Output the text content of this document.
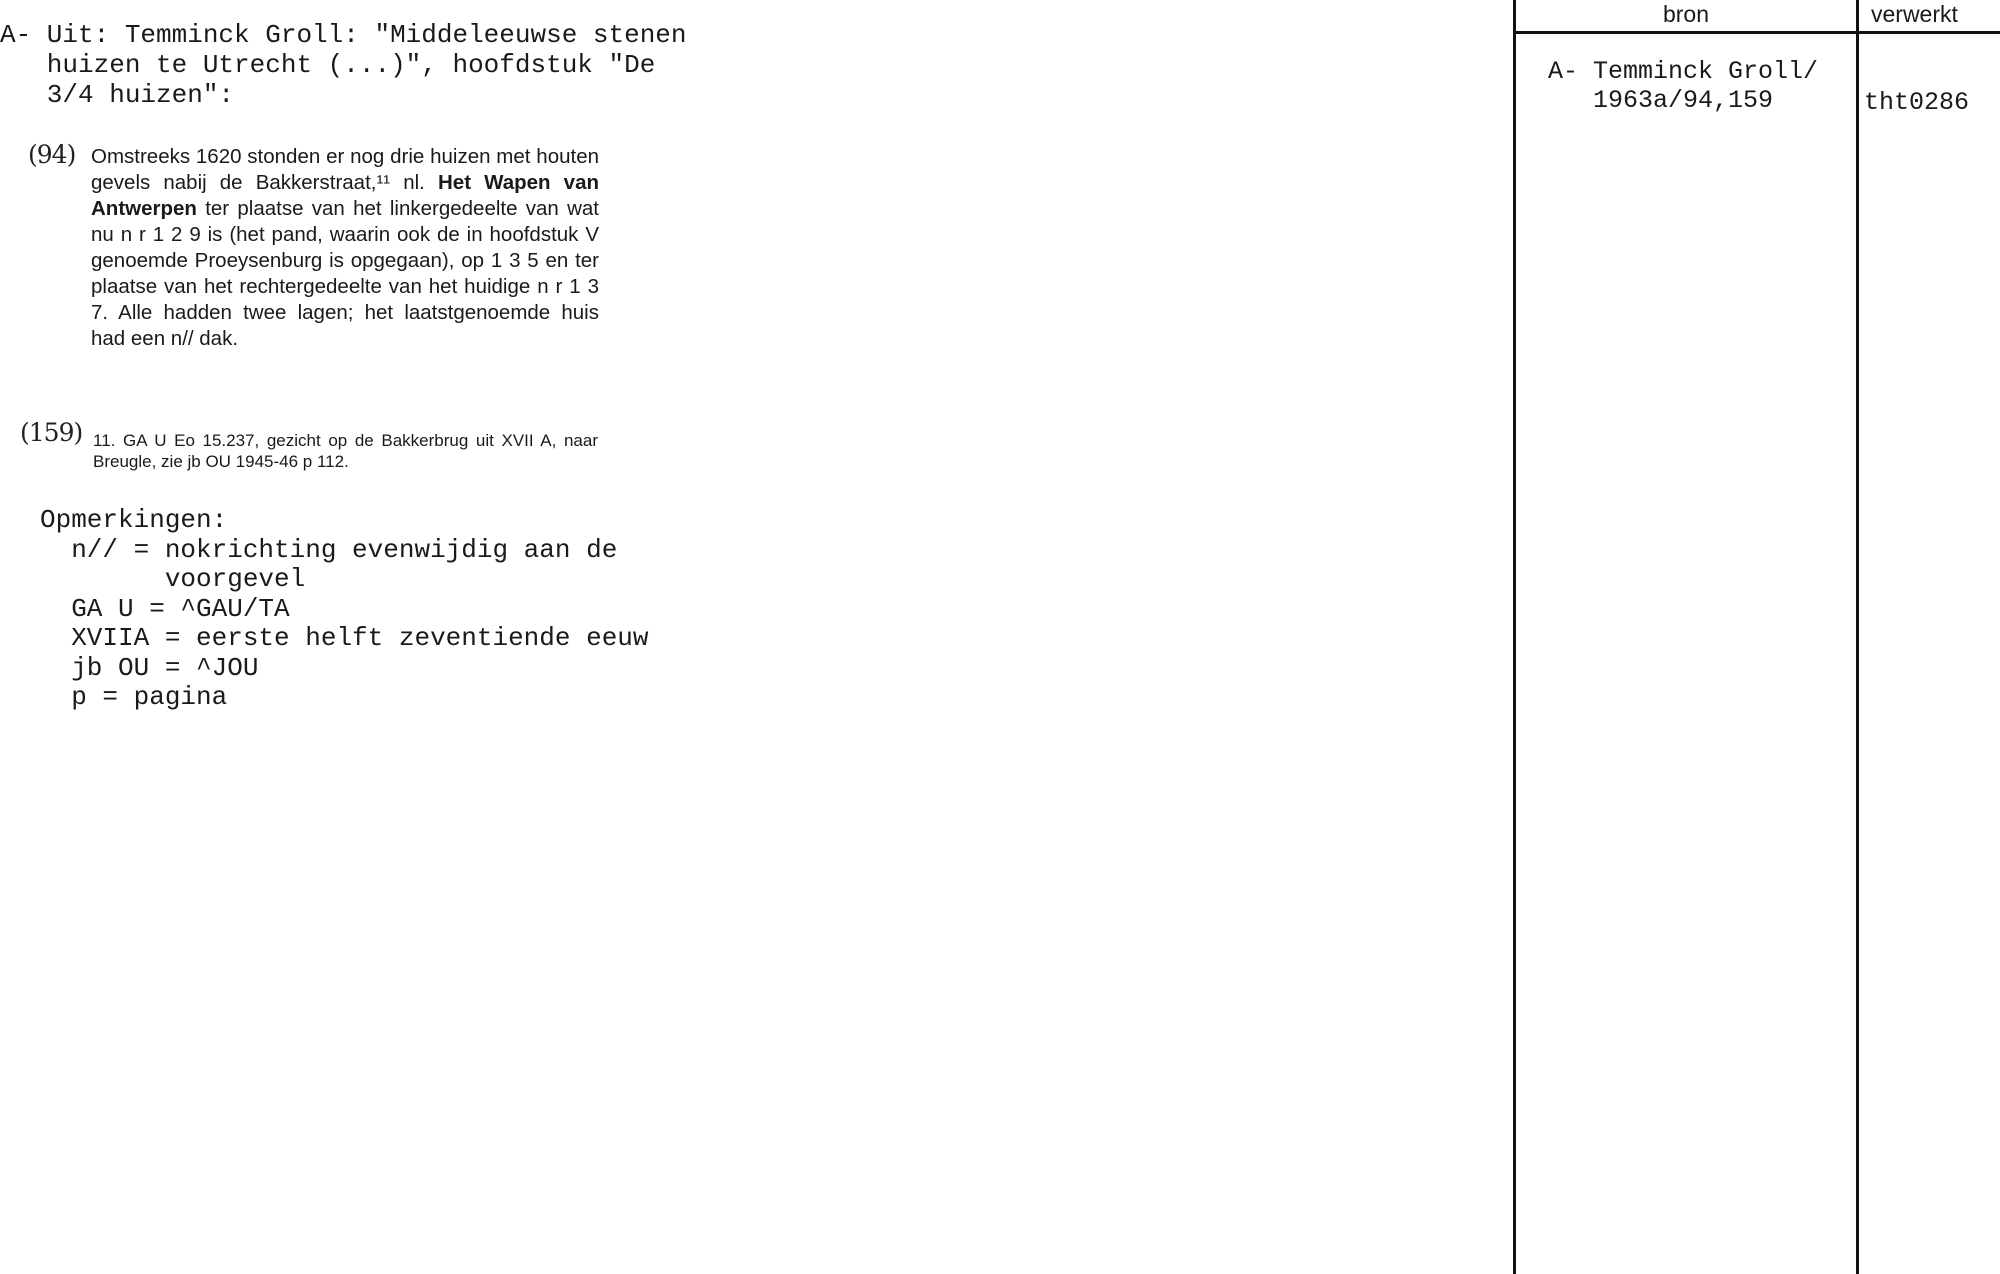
A- Uit: Temminck Groll: "Middeleeuwse stenen
huizen te Utrecht (...)", hoofdstuk "De
3/4 huizen":
(94)
(159)
Omstreeks 1620 stonden er nog drie huizen met houten gevels nabij de Bakkerstraat,¹¹ nl. Het Wapen van Antwerpen ter plaatse van het linkergedeelte van wat nu n r 1 2 9 is (het pand, waarin ook de in hoofdstuk V genoemde Proeysenburg is opgegaan), op 1 3 5 en ter plaatse van het rechtergedeelte van het huidige n r 1 3 7. Alle hadden twee lagen; het laatstgenoemde huis had een n// dak.
11. GA U Eo 15.237, gezicht op de Bakkerbrug uit XVII A, naar Breugle, zie jb OU 1945-46 p 112.
Opmerkingen:
n// = nokrichting evenwijdig aan de
voorgevel
GA U = ^GAU/TA
XVIIA = eerste helft zeventiende eeuw
jb OU = ^JOU
p = pagina
bron	verwerkt
A- Temminck Groll/
1963a/94,159	tht0286
